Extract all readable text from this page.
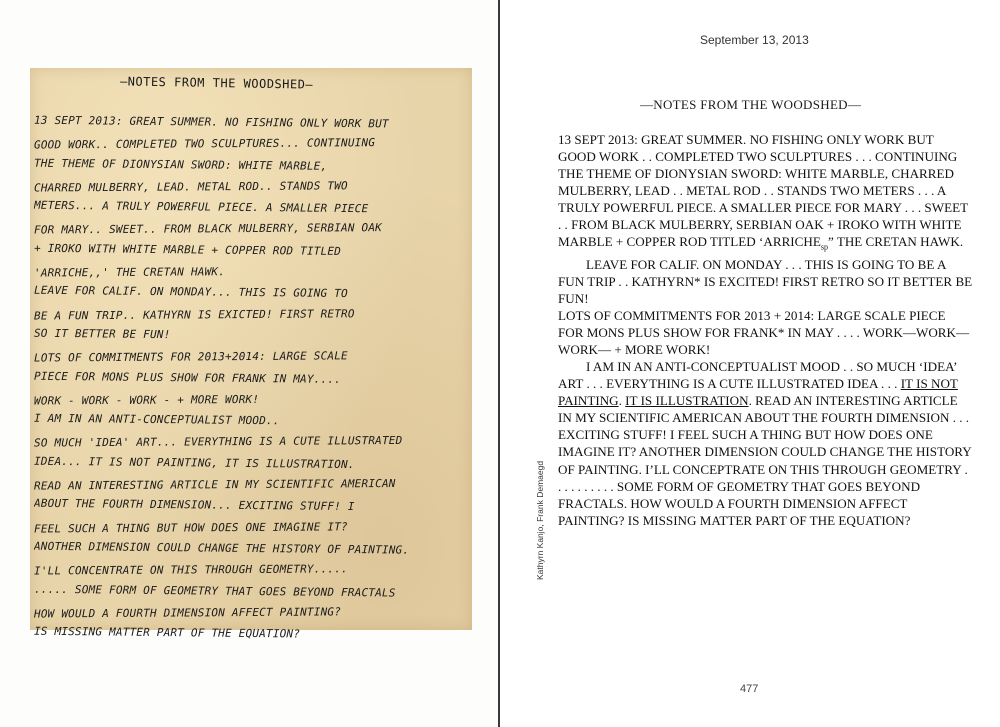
—NOTES FROM THE WOODSHED—
13 SEPT 2013: GREAT SUMMER. NO FISHING ONLY WORK BUT
GOOD WORK.. COMPLETED TWO SCULPTURES... CONTINUING
THE THEME OF DIONYSIAN SWORD: WHITE MARBLE,
CHARRED MULBERRY, LEAD. METAL ROD.. STANDS TWO
METERS... A TRULY POWERFUL PIECE. A SMALLER PIECE
FOR MARY.. SWEET.. FROM BLACK MULBERRY, SERBIAN OAK
+ IROKO WITH WHITE MARBLE + COPPER ROD TITLED
'ARRICHE,,' THE CRETAN HAWK.
LEAVE FOR CALIF. ON MONDAY... THIS IS GOING TO
BE A FUN TRIP.. KATHYRN IS EXICTED! FIRST RETRO
SO IT BETTER BE FUN!
LOTS OF COMMITMENTS FOR 2013+2014: LARGE SCALE
PIECE FOR MONS PLUS SHOW FOR FRANK IN MAY....
WORK - WORK - WORK - + MORE WORK!
I AM IN AN ANTI-CONCEPTUALIST MOOD..
SO MUCH 'IDEA' ART... EVERYTHING IS A CUTE ILLUSTRATED
IDEA... IT IS NOT PAINTING, IT IS ILLUSTRATION.
READ AN INTERESTING ARTICLE IN MY SCIENTIFIC AMERICAN
ABOUT THE FOURTH DIMENSION... EXCITING STUFF! I
FEEL SUCH A THING BUT HOW DOES ONE IMAGINE IT?
ANOTHER DIMENSION COULD CHANGE THE HISTORY OF PAINTING.
I'LL CONCENTRATE ON THIS THROUGH GEOMETRY.....
..... SOME FORM OF GEOMETRY THAT GOES BEYOND FRACTALS
HOW WOULD A FOURTH DIMENSION AFFECT PAINTING?
IS MISSING MATTER PART OF THE EQUATION?
September 13, 2013
—NOTES FROM THE WOODSHED—

13 SEPT 2013: GREAT SUMMER. NO FISHING ONLY WORK BUT GOOD WORK . . COMPLETED TWO SCULPTURES . . . CONTINUING THE THEME OF DIONYSIAN SWORD: WHITE MARBLE, CHARRED MULBERRY, LEAD . . METAL ROD . . STANDS TWO METERS . . . A TRULY POWERFUL PIECE. A SMALLER PIECE FOR MARY . . . SWEET . . FROM BLACK MULBERRY, SERBIAN OAK + IROKO WITH WHITE MARBLE + COPPER ROD TITLED ‘$ARRICHE_{sp}$” THE CRETAN HAWK.

LEAVE FOR CALIF. ON MONDAY . . . THIS IS GOING TO BE A FUN TRIP . . KATHYRN* IS EXCITED! FIRST RETRO SO IT BETTER BE FUN!

LOTS OF COMMITMENTS FOR 2013 + 2014: LARGE SCALE PIECE FOR MONS PLUS SHOW FOR FRANK* IN MAY . . . . WORK—WORK—WORK— + MORE WORK!

I AM IN AN ANTI-CONCEPTUALIST MOOD . . SO MUCH ‘IDEA’ ART . . . EVERYTHING IS A CUTE ILLUSTRATED IDEA . . . IT IS NOT PAINTING. IT IS ILLUSTRATION. READ AN INTERESTING ARTICLE IN MY SCIENTIFIC AMERICAN ABOUT THE FOURTH DIMENSION . . . EXCITING STUFF! I FEEL SUCH A THING BUT HOW DOES ONE IMAGINE IT? ANOTHER DIMENSION COULD CHANGE THE HISTORY OF PAINTING. I’LL CONCEPTRATE ON THIS THROUGH GEOMETRY . . . . . . . . . . SOME FORM OF GEOMETRY THAT GOES BEYOND FRACTALS. HOW WOULD A FOURTH DIMENSION AFFECT PAINTING? IS MISSING MATTER PART OF THE EQUATION?

477
Kathyrn Kanjo, Frank Demaegd
